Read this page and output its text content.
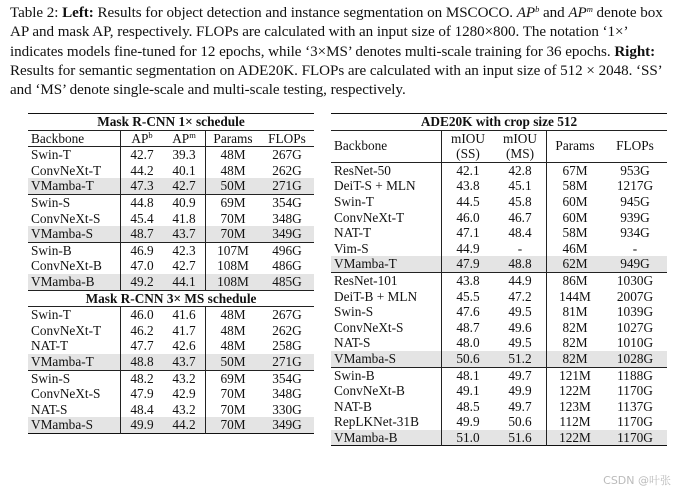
Table 2: Left: Results for object detection and instance segmentation on MSCOCO. $AP^b$ and $AP^m$ denote box AP and mask AP, respectively. FLOPs are calculated with an input size of 1280×800. The notation ‘1×’ indicates models fine-tuned for 12 epochs, while ‘3×MS’ denotes multi-scale training for 36 epochs. Right: Results for semantic segmentation on ADE20K. FLOPs are calculated with an input size of 512 × 2048. ‘SS’ and ‘MS’ denote single-scale and multi-scale testing, respectively.
Mask R-CNN 1× schedule				
Backbone	$AP^b$	$AP^m$	Params	FLOPs
Swin-T	42.7	39.3	48M	267G
ConvNeXt-T	44.2	40.1	48M	262G
VMamba-T	47.3	42.7	50M	271G
Swin-S	44.8	40.9	69M	354G
ConvNeXt-S	45.4	41.8	70M	348G
VMamba-S	48.7	43.7	70M	349G
Swin-B	46.9	42.3	107M	496G
ConvNeXt-B	47.0	42.7	108M	486G
VMamba-B	49.2	44.1	108M	485G
Mask R-CNN 3× MS schedule				
Swin-T	46.0	41.6	48M	267G
ConvNeXt-T	46.2	41.7	48M	262G
NAT-T	47.7	42.6	48M	258G
VMamba-T	48.8	43.7	50M	271G
Swin-S	48.2	43.2	69M	354G
ConvNeXt-S	47.9	42.9	70M	348G
NAT-S	48.4	43.2	70M	330G
VMamba-S	49.9	44.2	70M	349G
ADE20K with crop size 512				
Backbone	mIOU	mIOU	Params	FLOPs
	(SS)	(MS)		
ResNet-50	42.1	42.8	67M	953G
DeiT-S + MLN	43.8	45.1	58M	1217G
Swin-T	44.5	45.8	60M	945G
ConvNeXt-T	46.0	46.7	60M	939G
NAT-T	47.1	48.4	58M	934G
Vim-S	44.9	-	46M	-
VMamba-T	47.9	48.8	62M	949G
ResNet-101	43.8	44.9	86M	1030G
DeiT-B + MLN	45.5	47.2	144M	2007G
Swin-S	47.6	49.5	81M	1039G
ConvNeXt-S	48.7	49.6	82M	1027G
NAT-S	48.0	49.5	82M	1010G
VMamba-S	50.6	51.2	82M	1028G
Swin-B	48.1	49.7	121M	1188G
ConvNeXt-B	49.1	49.9	122M	1170G
NAT-B	48.5	49.7	123M	1137G
RepLKNet-31B	49.9	50.6	112M	1170G
VMamba-B	51.0	51.6	122M	1170G
CSDN @叶张
